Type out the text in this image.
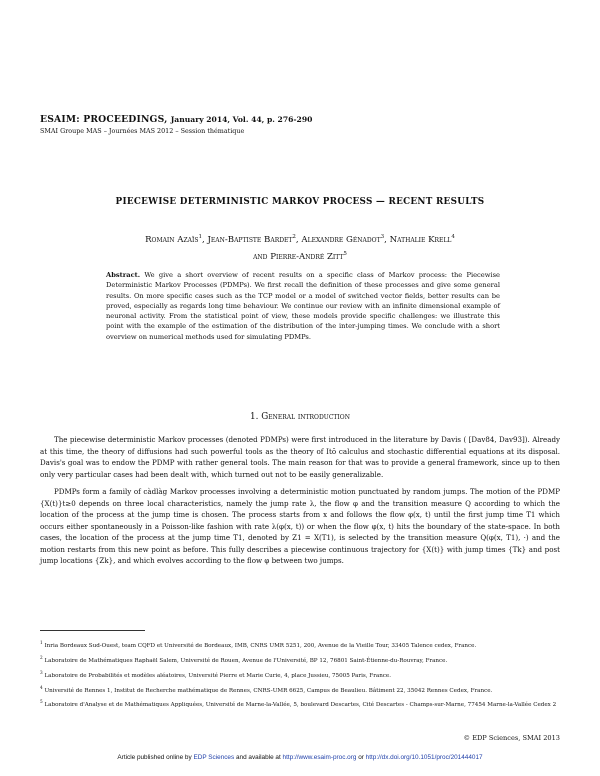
ESAIM: PROCEEDINGS, January 2014, Vol. 44, p. 276-290
SMAI Groupe MAS – Journées MAS 2012 – Session thématique
PIECEWISE DETERMINISTIC MARKOV PROCESS — RECENT RESULTS
Romain Azaïs$^1$, Jean-Baptiste Bardet$^2$, Alexandre Génadot$^3$, Nathalie Krell$^4$
and Pierre-André Zitt$^5$
Abstract. We give a short overview of recent results on a specific class of Markov process: the Piecewise Deterministic Markov Processes (PDMPs). We first recall the definition of these processes and give some general results. On more specific cases such as the TCP model or a model of switched vector fields, better results can be proved, especially as regards long time behaviour. We continue our review with an infinite dimensional example of neuronal activity. From the statistical point of view, these models provide specific challenges: we illustrate this point with the example of the estimation of the distribution of the inter-jumping times. We conclude with a short overview on numerical methods used for simulating PDMPs.
1. General introduction

The piecewise deterministic Markov processes (denoted PDMPs) were first introduced in the literature by Davis ( [Dav84, Dav93]). Already at this time, the theory of diffusions had such powerful tools as the theory of Itō calculus and stochastic differential equations at its disposal. Davis's goal was to endow the PDMP with rather general tools. The main reason for that was to provide a general framework, since up to then only very particular cases had been dealt with, which turned out not to be easily generalizable.

PDMPs form a family of càdlàg Markov processes involving a deterministic motion punctuated by random jumps. The motion of the PDMP {X(t)}t≥0 depends on three local characteristics, namely the jump rate λ, the flow φ and the transition measure Q according to which the location of the process at the jump time is chosen. The process starts from x and follows the flow φ(x, t) until the first jump time T1 which occurs either spontaneously in a Poisson-like fashion with rate λ(φ(x, t)) or when the flow φ(x, t) hits the boundary of the state-space. In both cases, the location of the process at the jump time T1, denoted by Z1 = X(T1), is selected by the transition measure Q(φ(x, T1), ·) and the motion restarts from this new point as before. This fully describes a piecewise continuous trajectory for {X(t)} with jump times {Tk} and post jump locations {Zk}, and which evolves according to the flow φ between two jumps.

$^1$ Inria Bordeaux Sud-Ouest, team CQFD et Université de Bordeaux, IMB, CNRS UMR 5251, 200, Avenue de la Vieille Tour, 33405 Talence cedex, France.

$^2$ Laboratoire de Mathématiques Raphaël Salem, Université de Rouen, Avenue de l'Université, BP 12, 76801 Saint-Étienne-du-Rouvray, France.

$^3$ Laboratoire de Probabilités et modèles aléatoires, Université Pierre et Marie Curie, 4, place Jussieu, 75005 Paris, France.

$^4$ Université de Rennes 1, Institut de Recherche mathématique de Rennes, CNRS-UMR 6625, Campus de Beaulieu. Bâtiment 22, 35042 Rennes Cedex, France.

$^5$ Laboratoire d'Analyse et de Mathématiques Appliquées, Université de Marne-la-Vallée, 5, boulevard Descartes, Cité Descartes - Champs-sur-Marne, 77454 Marne-la-Vallée Cedex 2

© EDP Sciences, SMAI 2013
Article published online by EDP Sciences and available at http://www.esaim-proc.org or http://dx.doi.org/10.1051/proc/201444017
